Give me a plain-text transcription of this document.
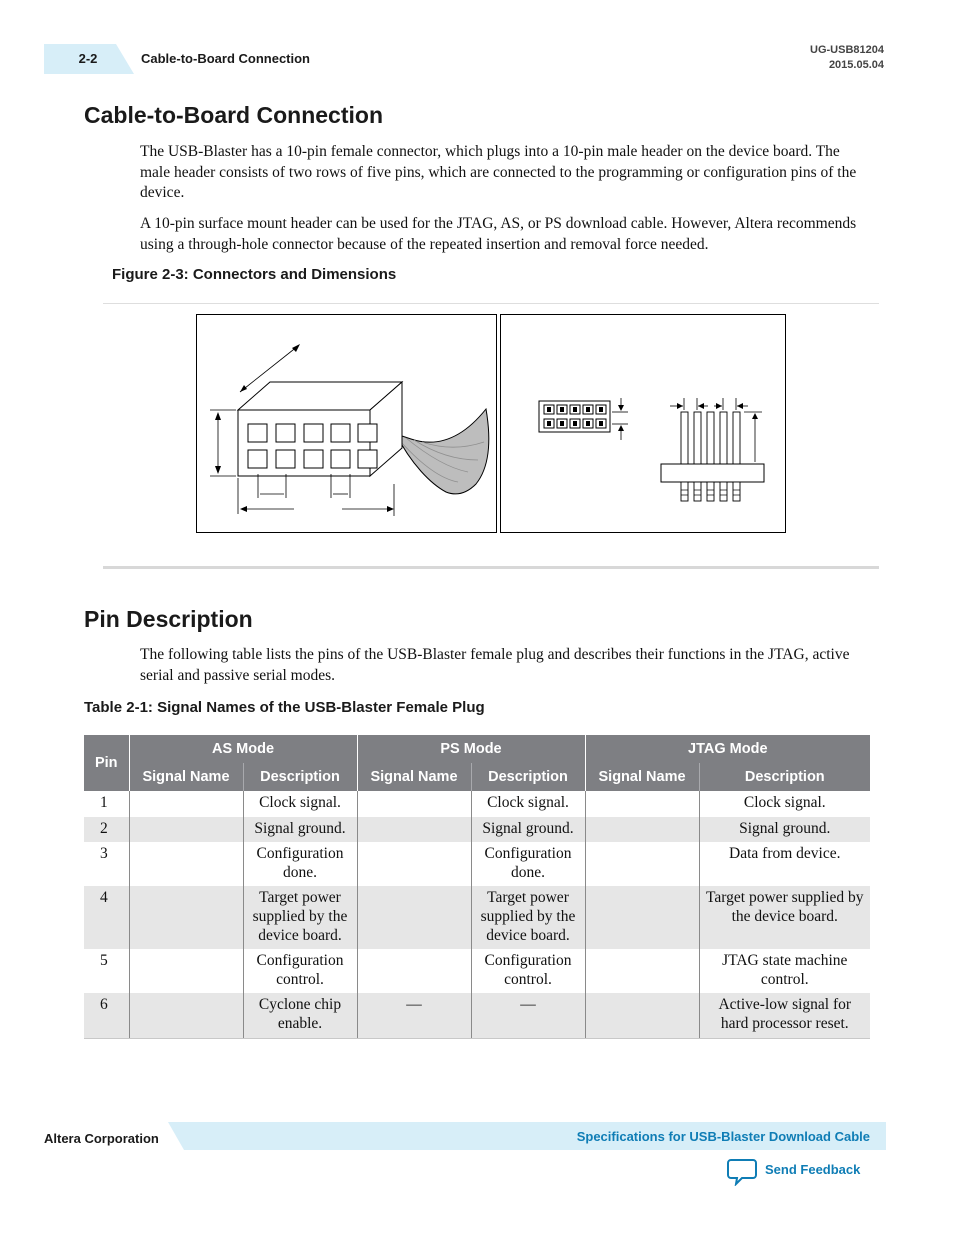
2-2	Cable-to-Board Connection
UG-USB81204
2015.05.04
Cable-to-Board Connection
The USB-Blaster has a 10-pin female connector, which plugs into a 10-pin male header on the device board. The male header consists of two rows of five pins, which are connected to the programming or configuration pins of the device.
A 10-pin surface mount header can be used for the JTAG, AS, or PS download cable. However, Altera recommends using a through-hole connector because of the repeated insertion and removal force needed.
Figure 2-3: Connectors and Dimensions
Pin Description
The following table lists the pins of the USB-Blaster female plug and describes their functions in the JTAG, active serial and passive serial modes.
Table 2-1: Signal Names of the USB-Blaster Female Plug
Pin	AS Mode		PS Mode		JTAG Mode	
	Signal Name	Description	Signal Name	Description	Signal Name	Description
1		Clock signal.		Clock signal.		Clock signal.
2		Signal ground.		Signal ground.		Signal ground.
3		Configuration done.		Configuration done.		Data from device.
4		Target power supplied by the device board.		Target power supplied by the device board.		Target power supplied by the device board.
5		Configuration control.		Configuration control.		JTAG state machine control.
6		Cyclone chip enable.	—	—		Active-low signal for hard processor reset.
Altera Corporation	Specifications for USB-Blaster Download Cable
Send Feedback
